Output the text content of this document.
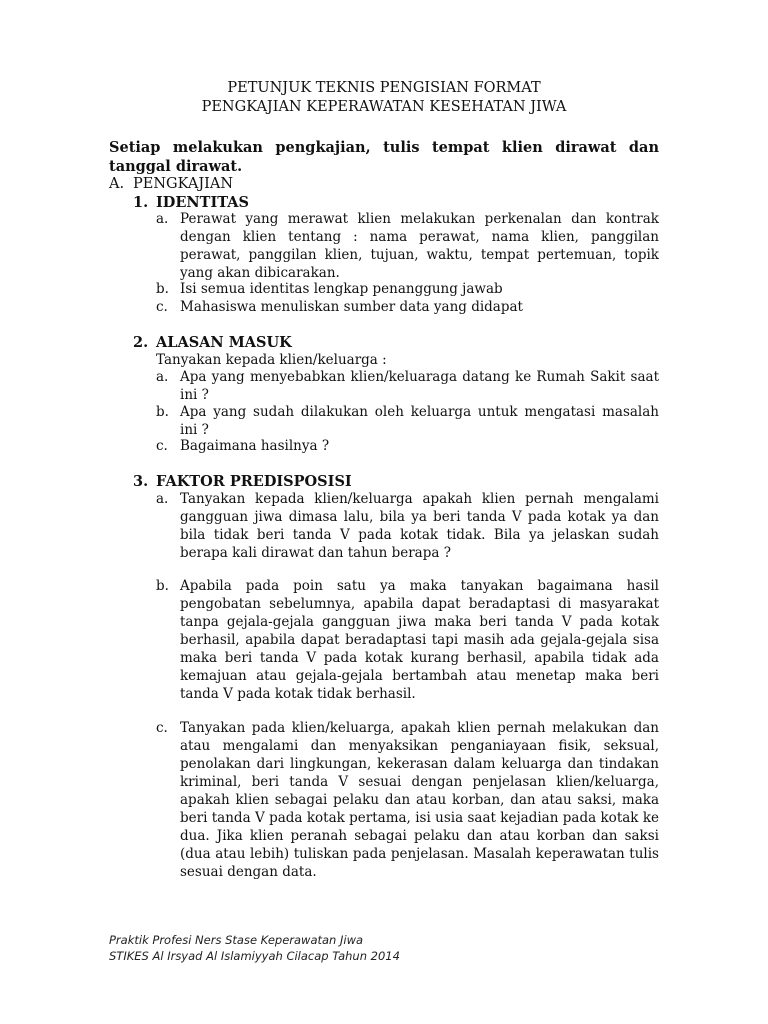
PETUNJUK TEKNIS PENGISIAN FORMAT
PENGKAJIAN KEPERAWATAN KESEHATAN JIWA
Setiap melakukan pengkajian, tulis tempat klien dirawat dan tanggal dirawat.
A. PENGKAJIAN
1. IDENTITAS
a. Perawat yang merawat klien melakukan perkenalan dan kontrak dengan klien tentang : nama perawat, nama klien, panggilan perawat, panggilan klien, tujuan, waktu, tempat pertemuan, topik yang akan dibicarakan.
b. Isi semua identitas lengkap penanggung jawab
c. Mahasiswa menuliskan sumber data yang didapat
2. ALASAN MASUK
Tanyakan kepada klien/keluarga :
a. Apa yang menyebabkan klien/keluaraga datang ke Rumah Sakit saat ini ?
b. Apa yang sudah dilakukan oleh keluarga untuk mengatasi masalah ini ?
c. Bagaimana hasilnya ?
3. FAKTOR PREDISPOSISI
a. Tanyakan kepada klien/keluarga apakah klien pernah mengalami gangguan jiwa dimasa lalu, bila ya beri tanda V pada kotak ya dan bila tidak beri tanda V pada kotak tidak. Bila ya jelaskan sudah berapa kali dirawat dan tahun berapa ?
b. Apabila pada poin satu ya maka tanyakan bagaimana hasil pengobatan sebelumnya, apabila dapat beradaptasi di masyarakat tanpa gejala-gejala gangguan jiwa maka beri tanda V pada kotak berhasil, apabila dapat beradaptasi tapi masih ada gejala-gejala sisa maka beri tanda V pada kotak kurang berhasil, apabila tidak ada kemajuan atau gejala-gejala bertambah atau menetap maka beri tanda V pada kotak tidak berhasil.
c. Tanyakan pada klien/keluarga, apakah klien pernah melakukan dan atau mengalami dan menyaksikan penganiayaan fisik, seksual, penolakan dari lingkungan, kekerasan dalam keluarga dan tindakan kriminal, beri tanda V sesuai dengan penjelasan klien/keluarga, apakah klien sebagai pelaku dan atau korban, dan atau saksi, maka beri tanda V pada kotak pertama, isi usia saat kejadian pada kotak ke dua. Jika klien peranah sebagai pelaku dan atau korban dan saksi (dua atau lebih) tuliskan pada penjelasan. Masalah keperawatan tulis sesuai dengan data.
Praktik Profesi Ners Stase Keperawatan Jiwa
STIKES Al Irsyad Al Islamiyyah Cilacap Tahun 2014
